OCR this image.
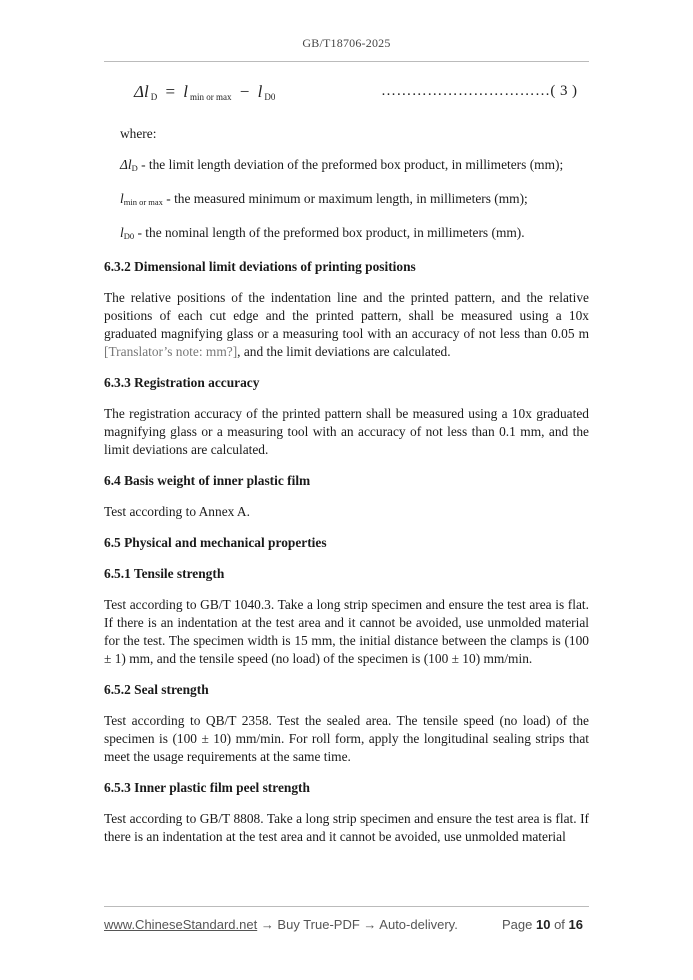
GB/T18706-2025
Δl $_D$ = l $_{min or max}$ − l $_{D0}$	……………………………( 3 )

where:

$\Delta l_D$ - the limit length deviation of the preformed box product, in millimeters (mm);

$l_{min or max}$ - the measured minimum or maximum length, in millimeters (mm);

$l_{D0}$ - the nominal length of the preformed box product, in millimeters (mm).

6.3.2 Dimensional limit deviations of printing positions

The relative positions of the indentation line and the printed pattern, and the relative positions of each cut edge and the printed pattern, shall be measured using a 10x graduated magnifying glass or a measuring tool with an accuracy of not less than 0.05 m [Translator’s note: mm?], and the limit deviations are calculated.

6.3.3 Registration accuracy

The registration accuracy of the printed pattern shall be measured using a 10x graduated magnifying glass or a measuring tool with an accuracy of not less than 0.1 mm, and the limit deviations are calculated.

6.4 Basis weight of inner plastic film

Test according to Annex A.

6.5 Physical and mechanical properties

6.5.1 Tensile strength

Test according to GB/T 1040.3. Take a long strip specimen and ensure the test area is flat. If there is an indentation at the test area and it cannot be avoided, use unmolded material for the test. The specimen width is 15 mm, the initial distance between the clamps is (100 ± 1) mm, and the tensile speed (no load) of the specimen is (100 ± 10) mm/min.

6.5.2 Seal strength

Test according to QB/T 2358. Test the sealed area. The tensile speed (no load) of the specimen is (100 ± 10) mm/min. For roll form, apply the longitudinal sealing strips that meet the usage requirements at the same time.

6.5.3 Inner plastic film peel strength

Test according to GB/T 8808. Take a long strip specimen and ensure the test area is flat. If there is an indentation at the test area and it cannot be avoided, use unmolded material

www.ChineseStandard.net → Buy True-PDF → Auto-delivery.	Page 10 of 16
